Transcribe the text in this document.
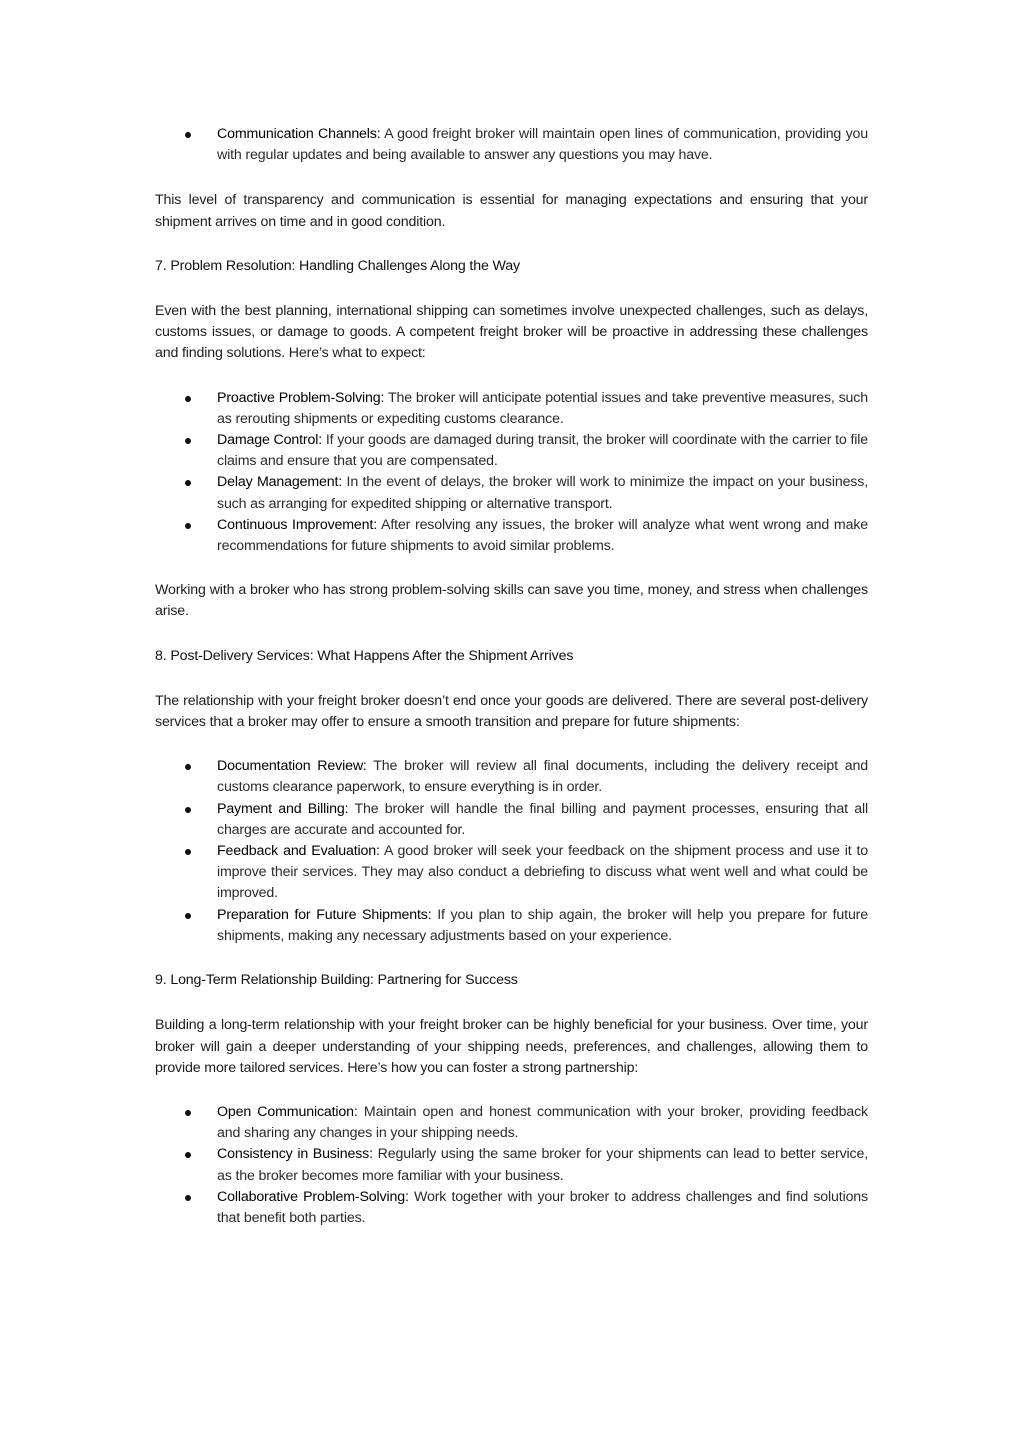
Communication Channels: A good freight broker will maintain open lines of communication, providing you with regular updates and being available to answer any questions you may have.

This level of transparency and communication is essential for managing expectations and ensuring that your shipment arrives on time and in good condition.

7. Problem Resolution: Handling Challenges Along the Way

Even with the best planning, international shipping can sometimes involve unexpected challenges, such as delays, customs issues, or damage to goods. A competent freight broker will be proactive in addressing these challenges and finding solutions. Here’s what to expect:

Proactive Problem-Solving: The broker will anticipate potential issues and take preventive measures, such as rerouting shipments or expediting customs clearance.
Damage Control: If your goods are damaged during transit, the broker will coordinate with the carrier to file claims and ensure that you are compensated.
Delay Management: In the event of delays, the broker will work to minimize the impact on your business, such as arranging for expedited shipping or alternative transport.
Continuous Improvement: After resolving any issues, the broker will analyze what went wrong and make recommendations for future shipments to avoid similar problems.

Working with a broker who has strong problem-solving skills can save you time, money, and stress when challenges arise.

8. Post-Delivery Services: What Happens After the Shipment Arrives

The relationship with your freight broker doesn’t end once your goods are delivered. There are several post-delivery services that a broker may offer to ensure a smooth transition and prepare for future shipments:

Documentation Review: The broker will review all final documents, including the delivery receipt and customs clearance paperwork, to ensure everything is in order.
Payment and Billing: The broker will handle the final billing and payment processes, ensuring that all charges are accurate and accounted for.
Feedback and Evaluation: A good broker will seek your feedback on the shipment process and use it to improve their services. They may also conduct a debriefing to discuss what went well and what could be improved.
Preparation for Future Shipments: If you plan to ship again, the broker will help you prepare for future shipments, making any necessary adjustments based on your experience.

9. Long-Term Relationship Building: Partnering for Success

Building a long-term relationship with your freight broker can be highly beneficial for your business. Over time, your broker will gain a deeper understanding of your shipping needs, preferences, and challenges, allowing them to provide more tailored services. Here’s how you can foster a strong partnership:

Open Communication: Maintain open and honest communication with your broker, providing feedback and sharing any changes in your shipping needs.
Consistency in Business: Regularly using the same broker for your shipments can lead to better service, as the broker becomes more familiar with your business.
Collaborative Problem-Solving: Work together with your broker to address challenges and find solutions that benefit both parties.
